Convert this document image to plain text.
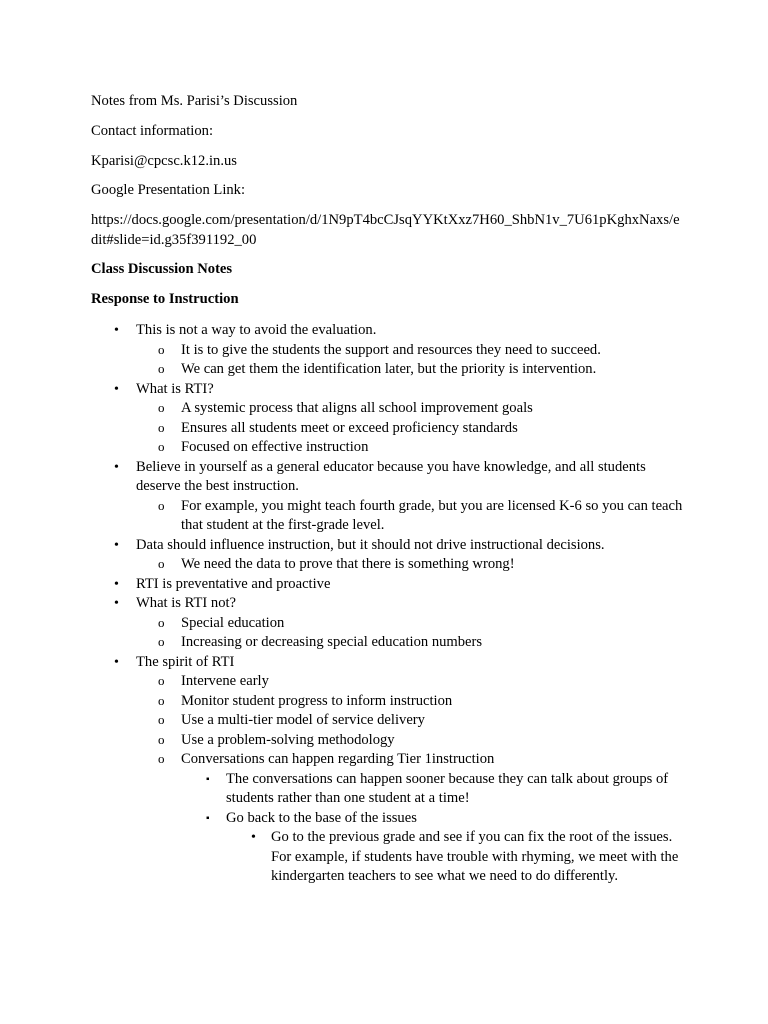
Notes from Ms. Parisi’s Discussion

Contact information:

Kparisi@cpcsc.k12.in.us

Google Presentation Link:

https://docs.google.com/presentation/d/1N9pT4bcCJsqYYKtXxz7H60_ShbN1v_7U61pKghxNaxs/edit#slide=id.g35f391192_00

Class Discussion Notes

Response to Instruction

• This is not a way to avoid the evaluation.
o It is to give the students the support and resources they need to succeed.
o We can get them the identification later, but the priority is intervention.
• What is RTI?
o A systemic process that aligns all school improvement goals
o Ensures all students meet or exceed proficiency standards
o Focused on effective instruction
• Believe in yourself as a general educator because you have knowledge, and all students deserve the best instruction.
o For example, you might teach fourth grade, but you are licensed K-6 so you can teach that student at the first-grade level.
• Data should influence instruction, but it should not drive instructional decisions.
o We need the data to prove that there is something wrong!
• RTI is preventative and proactive
• What is RTI not?
o Special education
o Increasing or decreasing special education numbers
• The spirit of RTI
o Intervene early
o Monitor student progress to inform instruction
o Use a multi-tier model of service delivery
o Use a problem-solving methodology
o Conversations can happen regarding Tier 1instruction
▪ The conversations can happen sooner because they can talk about groups of students rather than one student at a time!
▪ Go back to the base of the issues
• Go to the previous grade and see if you can fix the root of the issues. For example, if students have trouble with rhyming, we meet with the kindergarten teachers to see what we need to do differently.
